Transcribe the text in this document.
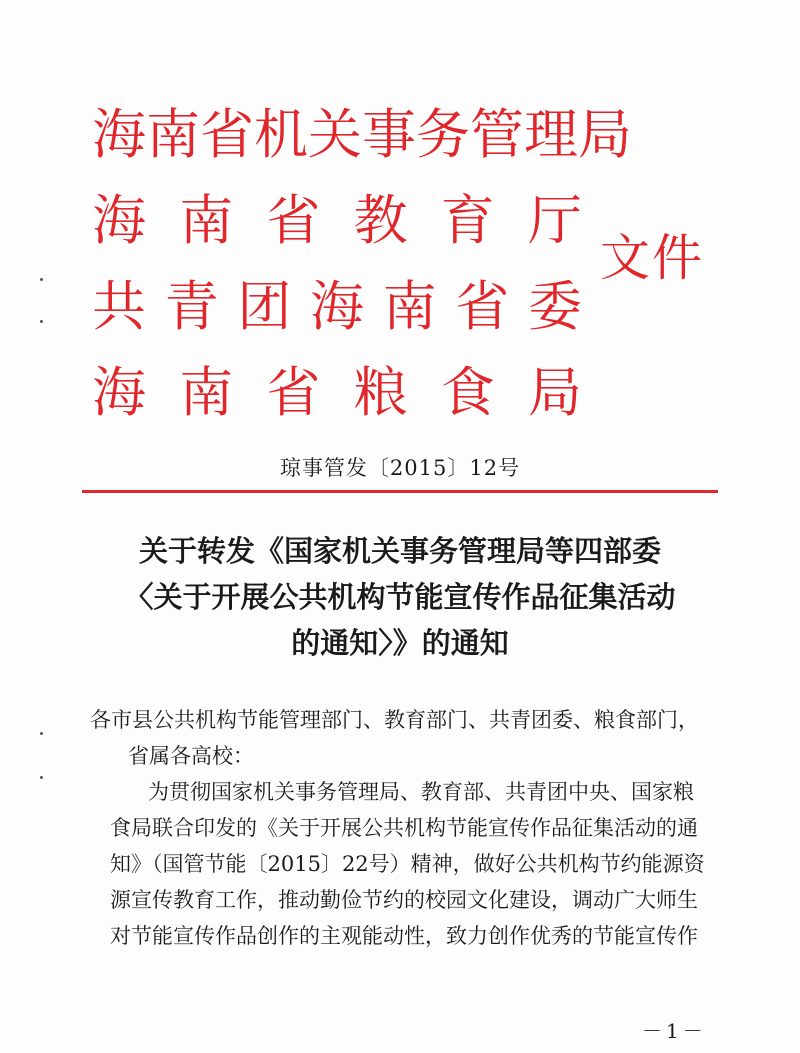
海南省机关事务管理局
海 南 省 教 育 厅
共 青 团 海 南 省 委
海 南 省 粮 食 局
文件
琼事管发〔2015〕12号
关于转发《国家机关事务管理局等四部委
〈关于开展公共机构节能宣传作品征集活动
的通知〉》的通知

各市县公共机构节能管理部门、教育部门、共青团委、粮食部门，

省属各高校：

为贯彻国家机关事务管理局、教育部、共青团中央、国家粮

食局联合印发的《关于开展公共机构节能宣传作品征集活动的通

知》（国管节能〔2015〕22号）精神，做好公共机构节约能源资

源宣传教育工作，推动勤俭节约的校园文化建设，调动广大师生

对节能宣传作品创作的主观能动性，致力创作优秀的节能宣传作

－1－
